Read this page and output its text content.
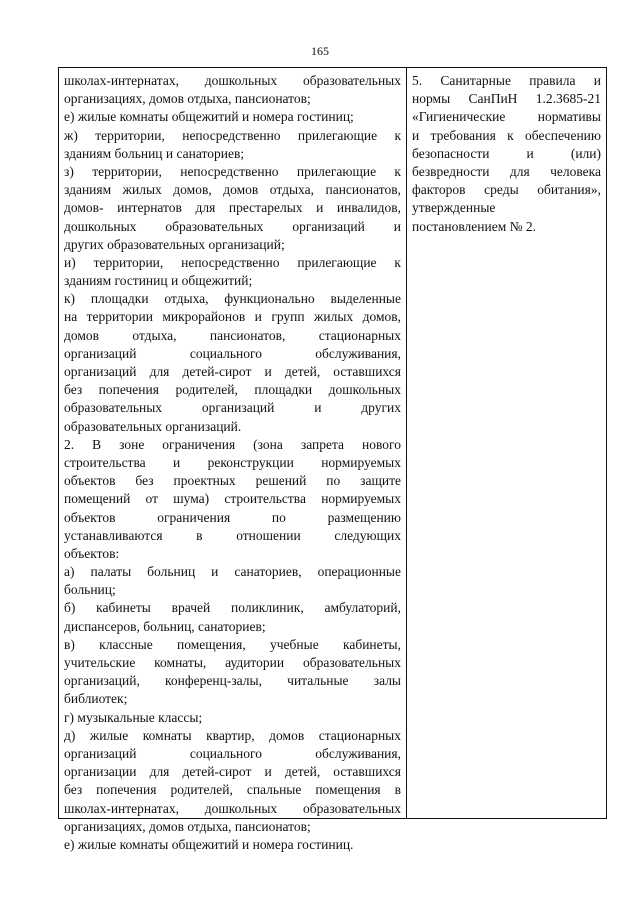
165
школах-интернатах, дошкольных образовательных
организациях, домов отдыха, пансионатов;
е) жилые комнаты общежитий и номера гостиниц;
ж) территории, непосредственно прилегающие к
зданиям больниц и санаториев;
з) территории, непосредственно прилегающие к
зданиям жилых домов, домов отдыха, пансионатов,
домов- интернатов для престарелых и инвалидов,
дошкольных образовательных организаций и
других образовательных организаций;
и) территории, непосредственно прилегающие к
зданиям гостиниц и общежитий;
к) площадки отдыха, функционально выделенные
на территории микрорайонов и групп жилых домов,
домов отдыха, пансионатов, стационарных
организаций социального обслуживания,
организаций для детей-сирот и детей, оставшихся
без попечения родителей, площадки дошкольных
образовательных организаций и других
образовательных организаций.
2. В зоне ограничения (зона запрета нового
строительства и реконструкции нормируемых
объектов без проектных решений по защите
помещений от шума) строительства нормируемых
объектов ограничения по размещению
устанавливаются в отношении следующих
объектов:
а) палаты больниц и санаториев, операционные
больниц;
б) кабинеты врачей поликлиник, амбулаторий,
диспансеров, больниц, санаториев;
в) классные помещения, учебные кабинеты,
учительские комнаты, аудитории образовательных
организаций, конференц-залы, читальные залы
библиотек;
г) музыкальные классы;
д) жилые комнаты квартир, домов стационарных
организаций социального обслуживания,
организации для детей-сирот и детей, оставшихся
без попечения родителей, спальные помещения в
школах-интернатах, дошкольных образовательных
организациях, домов отдыха, пансионатов;
е) жилые комнаты общежитий и номера гостиниц.
5. Санитарные правила и
нормы СанПиН 1.2.3685-21
«Гигиенические нормативы
и требования к обеспечению
безопасности и (или)
безвредности для человека
факторов среды обитания»,
утвержденные
постановлением № 2.
